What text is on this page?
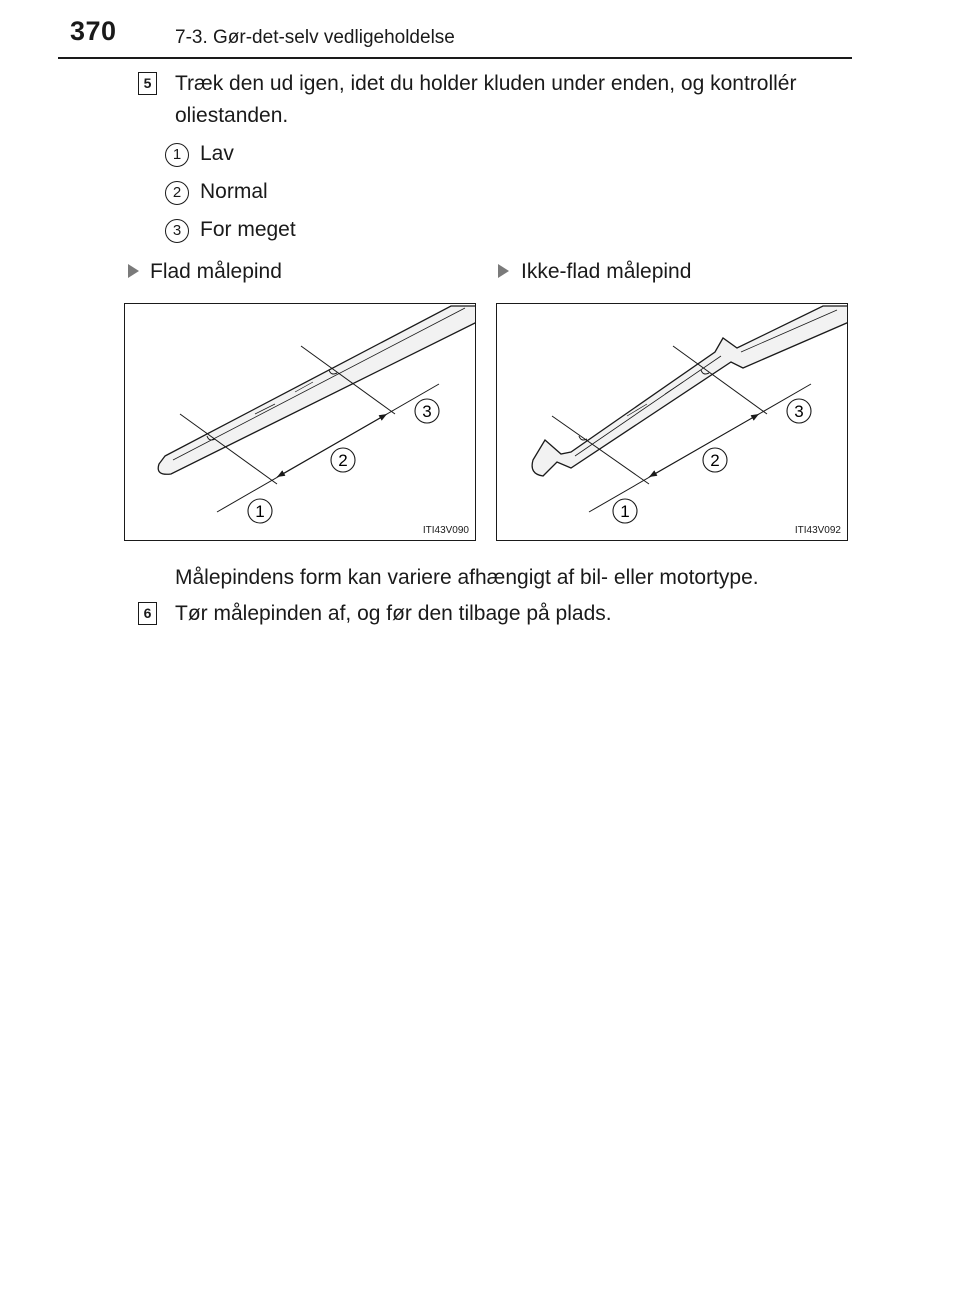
370	7-3. Gør-det-selv vedligeholdelse
5 Træk den ud igen, idet du holder kluden under enden, og kontrollér
oliestanden.
1 Lav
2 Normal
3 For meget
Flad målepind	Ikke-flad målepind
1
2
3
ITI43V090
1
2
3
ITI43V092
Målepindens form kan variere afhængigt af bil- eller motortype.
6 Tør målepinden af, og før den tilbage på plads.
